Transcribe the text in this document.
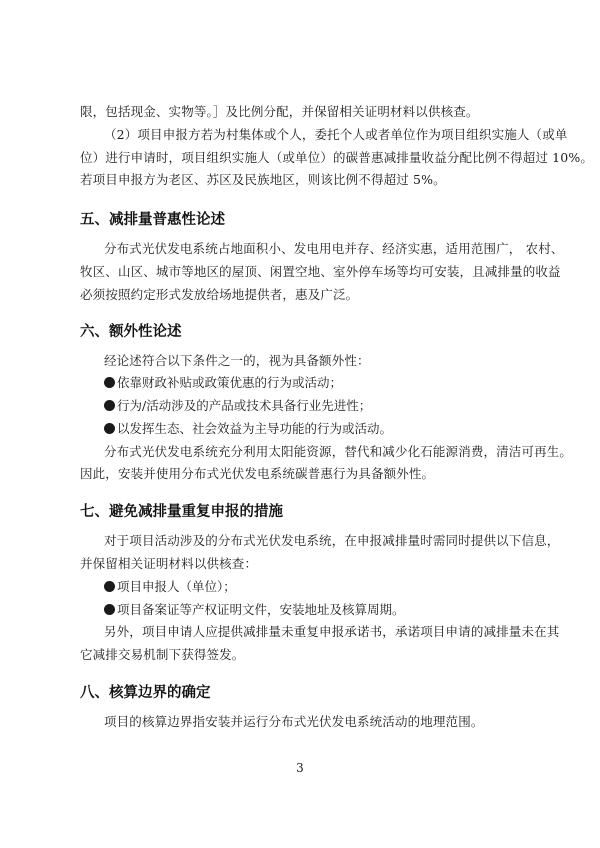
限，包括现金、实物等。］及比例分配，并保留相关证明材料以供核查。
（2）项目申报方若为村集体或个人，委托个人或者单位作为项目组织实施人（或单
位）进行申请时，项目组织实施人（或单位）的碳普惠减排量收益分配比例不得超过 10%。
若项目申报方为老区、苏区及民族地区，则该比例不得超过 5%。
五、减排量普惠性论述
分布式光伏发电系统占地面积小、发电用电并存、经济实惠，适用范围广， 农村、
牧区、山区、城市等地区的屋顶、闲置空地、室外停车场等均可安装，且减排量的收益
必须按照约定形式发放给场地提供者，惠及广泛。
六、额外性论述
经论述符合以下条件之一的，视为具备额外性：
依靠财政补贴或政策优惠的行为或活动；
行为/活动涉及的产品或技术具备行业先进性；
以发挥生态、社会效益为主导功能的行为或活动。
分布式光伏发电系统充分利用太阳能资源，替代和减少化石能源消费，清洁可再生。
因此，安装并使用分布式光伏发电系统碳普惠行为具备额外性。
七、避免减排量重复申报的措施
对于项目活动涉及的分布式光伏发电系统，在申报减排量时需同时提供以下信息，
并保留相关证明材料以供核查：
项目申报人（单位）；
项目备案证等产权证明文件，安装地址及核算周期。
另外，项目申请人应提供减排量未重复申报承诺书，承诺项目申请的减排量未在其
它减排交易机制下获得签发。
八、核算边界的确定
项目的核算边界指安装并运行分布式光伏发电系统活动的地理范围。
3
